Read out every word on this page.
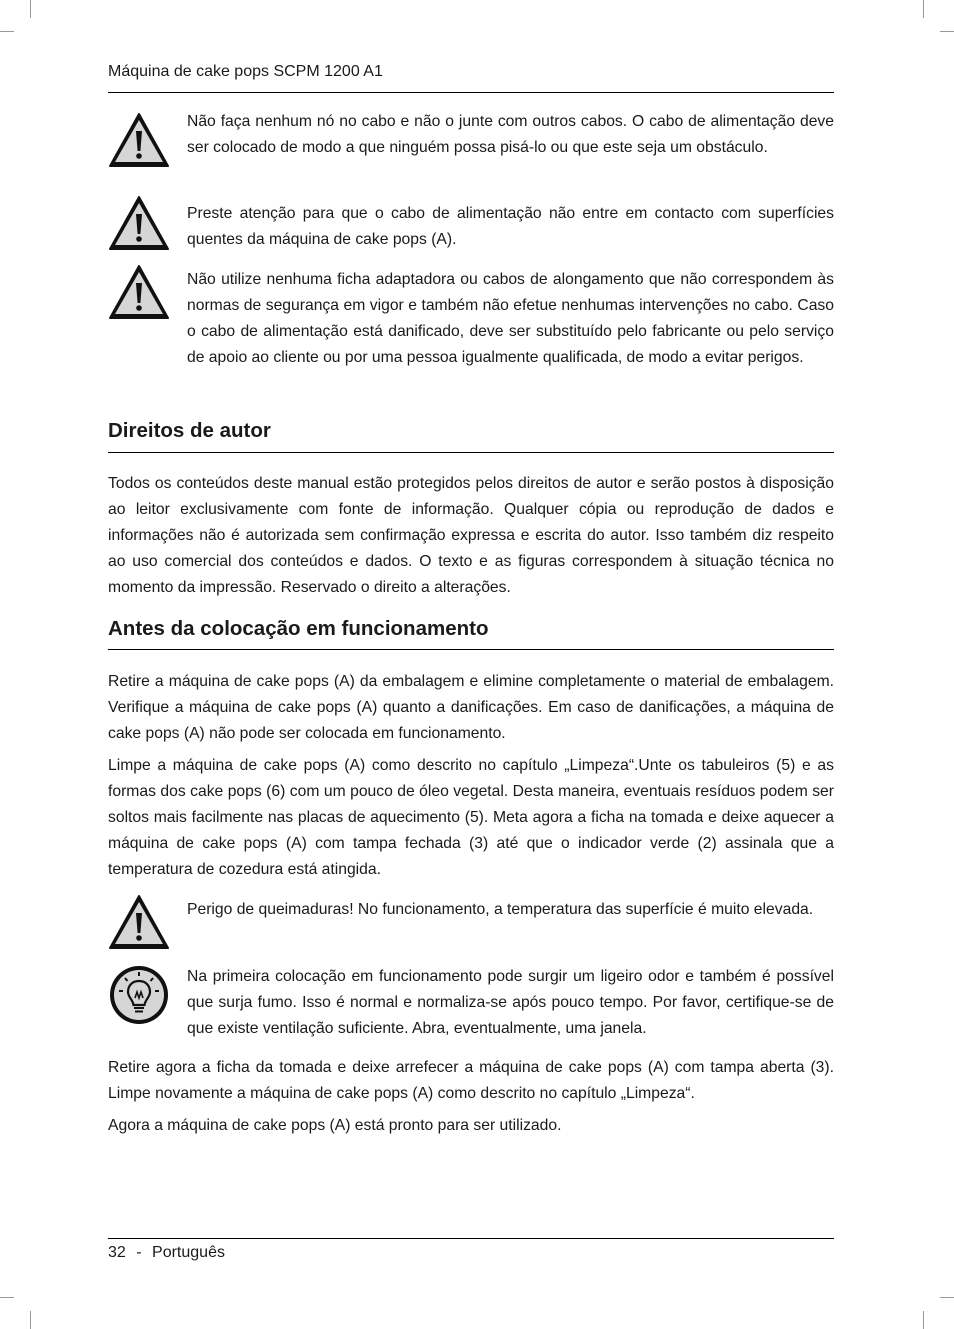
Máquina de cake pops SCPM 1200 A1

Não faça nenhum nó no cabo e não o junte com outros cabos. O cabo de alimentação deve ser colocado de modo a que ninguém possa pisá-lo ou que este seja um obstáculo.

Preste atenção para que o cabo de alimentação não entre em contacto com superfícies quentes da máquina de cake pops (A).

Não utilize nenhuma ficha adaptadora ou cabos de alongamento que não correspondem às normas de segurança em vigor e também não efetue nenhumas intervenções no cabo. Caso o cabo de alimentação está danificado, deve ser substituído pelo fabricante ou pelo serviço de apoio ao cliente ou por uma pessoa igualmente qualificada, de modo a evitar perigos.

Direitos de autor

Todos os conteúdos deste manual estão protegidos pelos direitos de autor e serão postos à disposição ao leitor exclusivamente com fonte de informação. Qualquer cópia ou reprodução de dados e informações não é autorizada sem confirmação expressa e escrita do autor. Isso também diz respeito ao uso comercial dos conteúdos e dados. O texto e as figuras correspondem à situação técnica no momento da impressão. Reservado o direito a alterações.

Antes da colocação em funcionamento

Retire a máquina de cake pops (A) da embalagem e elimine completamente o material de embalagem. Verifique a máquina de cake pops (A) quanto a danificações. Em caso de danificações, a máquina de cake pops (A) não pode ser colocada em funcionamento.

Limpe a máquina de cake pops (A) como descrito no capítulo „Limpeza“.Unte os tabuleiros (5) e as formas dos cake pops (6) com um pouco de óleo vegetal. Desta maneira, eventuais resíduos podem ser soltos mais facilmente nas placas de aquecimento (5). Meta agora a ficha na tomada e deixe aquecer a máquina de cake pops (A) com tampa fechada (3) até que o indicador verde (2) assinala que a temperatura de cozedura está atingida.

Perigo de queimaduras! No funcionamento, a temperatura das superfície é muito elevada.

Na primeira colocação em funcionamento pode surgir um ligeiro odor e também é possível que surja fumo. Isso é normal e normaliza-se após pouco tempo. Por favor, certifique-se de que existe ventilação suficiente. Abra, eventualmente, uma janela.

Retire agora a ficha da tomada e deixe arrefecer a máquina de cake pops (A) com tampa aberta (3). Limpe novamente a máquina de cake pops (A) como descrito no capítulo „Limpeza“.

Agora a máquina de cake pops (A) está pronto para ser utilizado.

32 - Português
